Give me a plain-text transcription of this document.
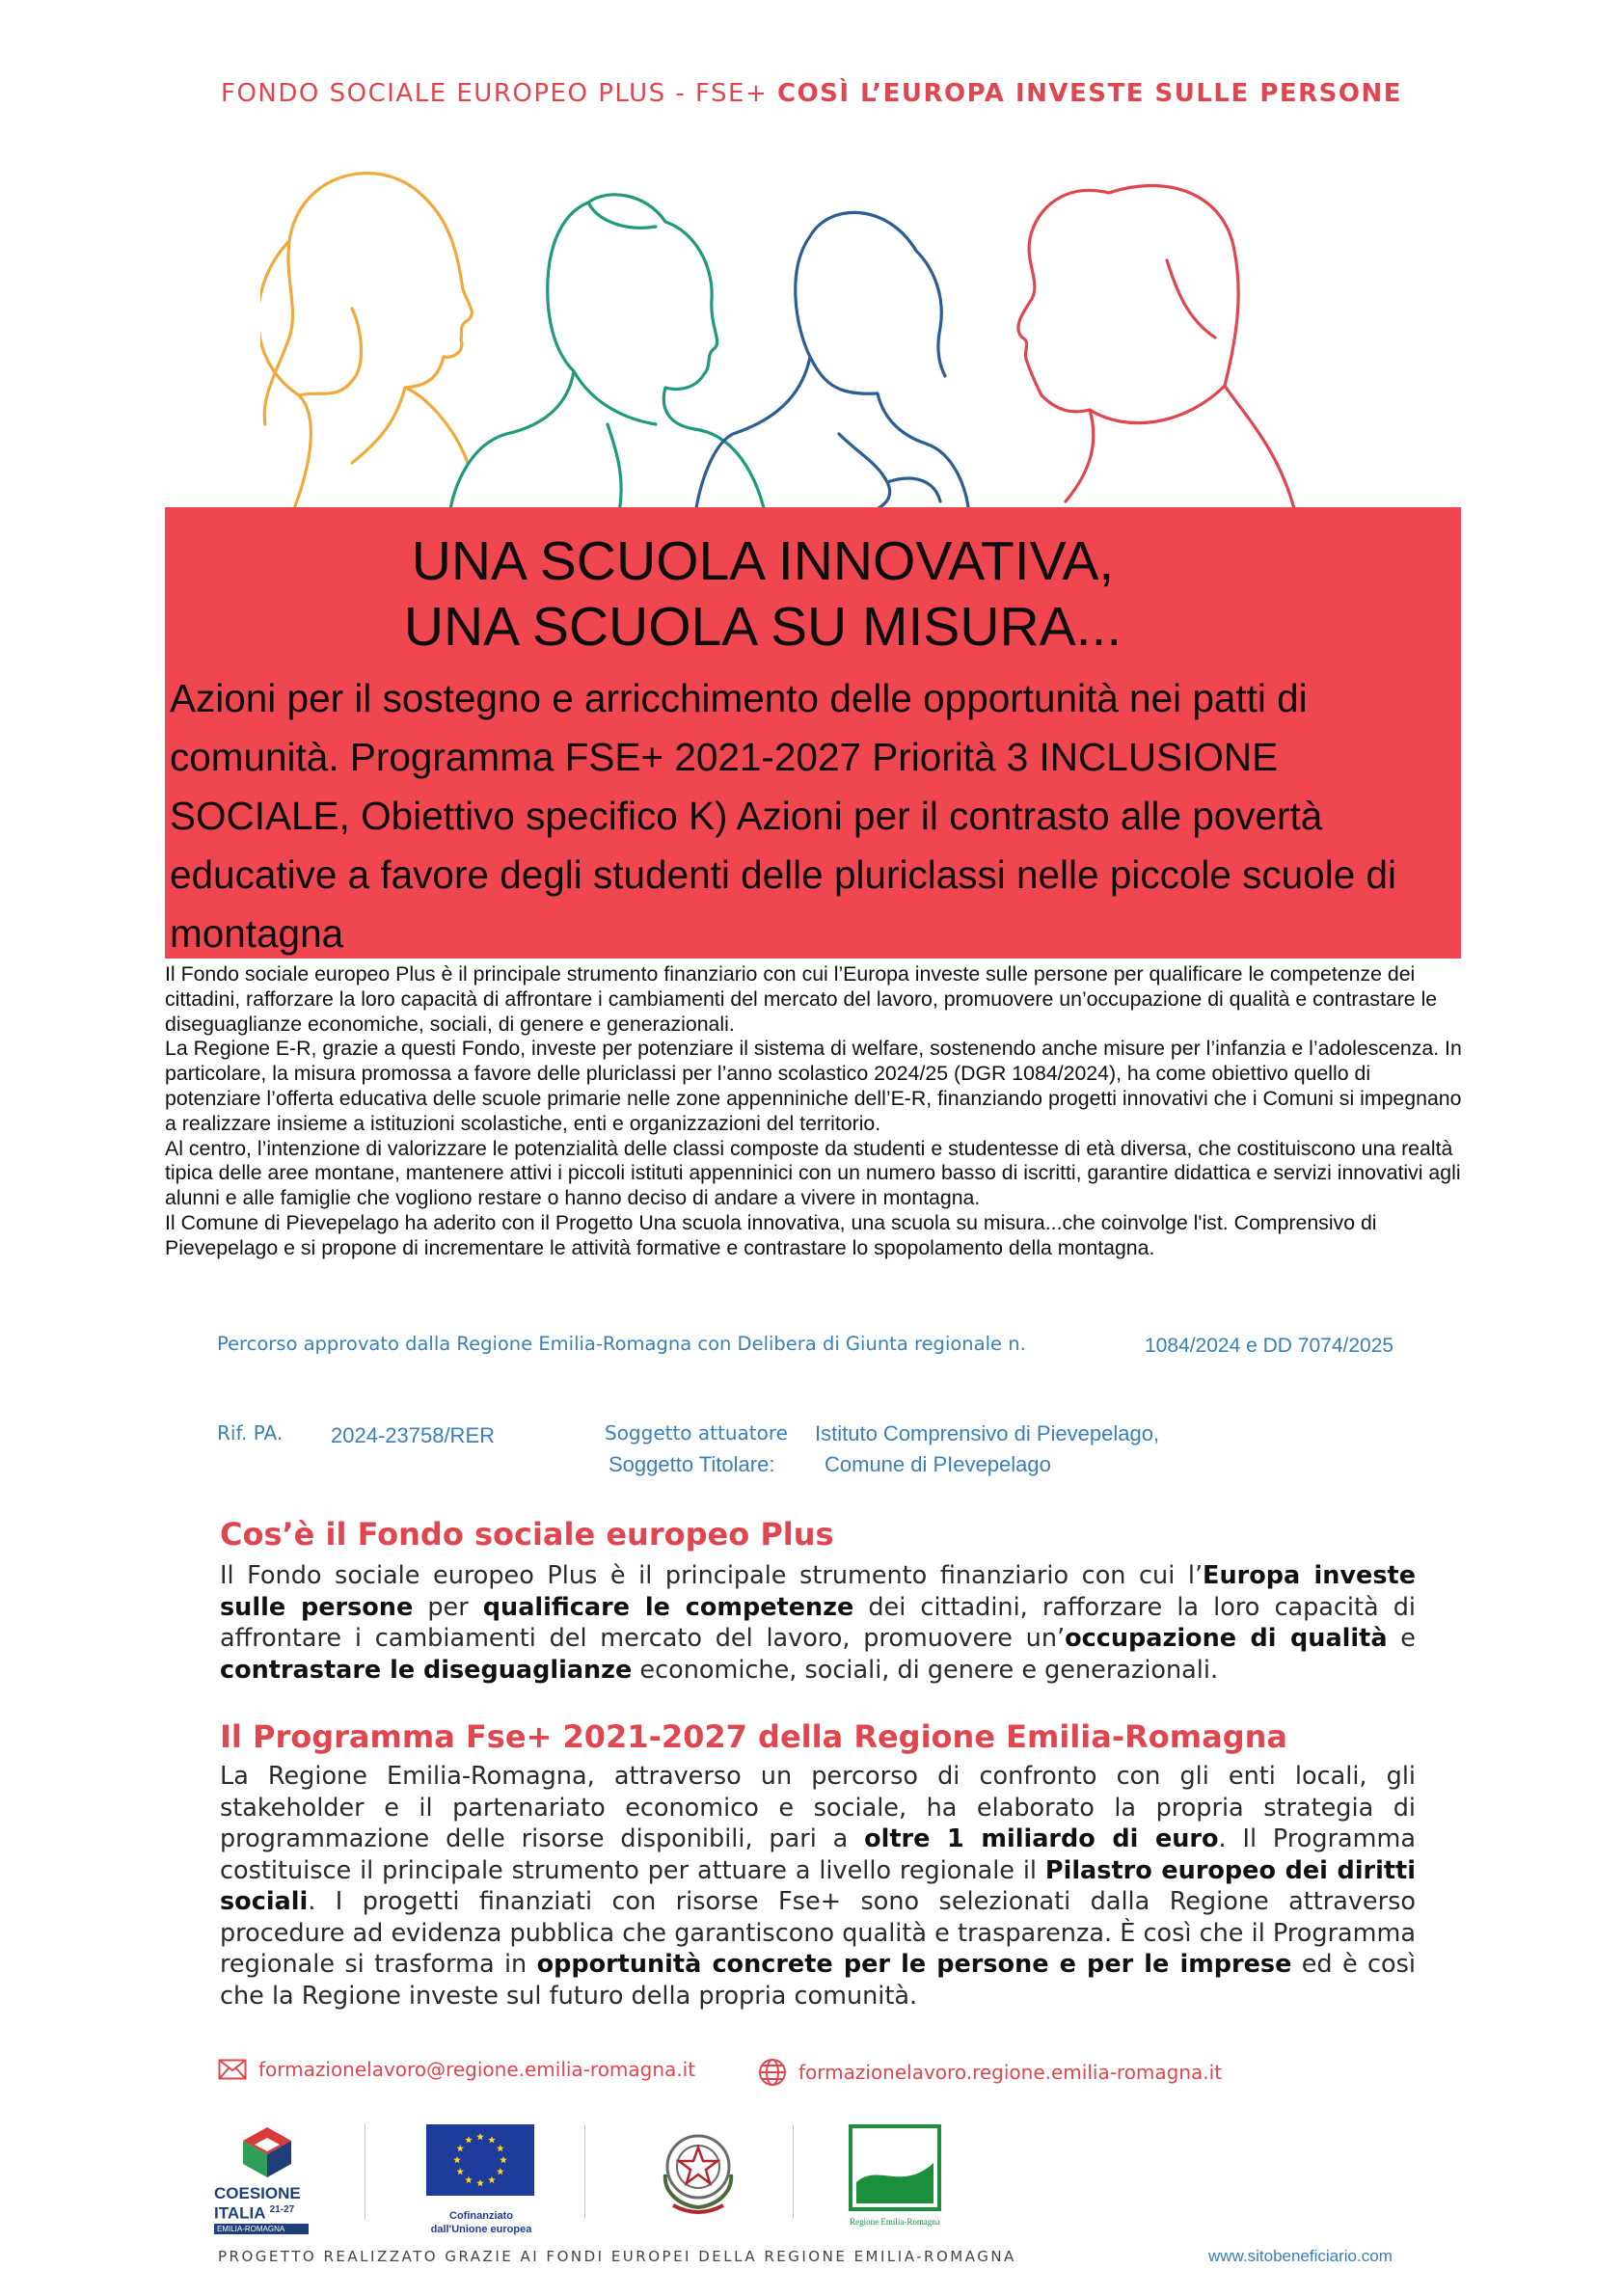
FONDO SOCIALE EUROPEO PLUS - FSE+ COSÌ L’EUROPA INVESTE SULLE PERSONE
UNA SCUOLA INNOVATIVA,
UNA SCUOLA SU MISURA...
Azioni per il sostegno e arricchimento delle opportunità nei patti di comunità. Programma FSE+ 2021-2027 Priorità 3 INCLUSIONE SOCIALE, Obiettivo specifico K) Azioni per il contrasto alle povertà educative a favore degli studenti delle pluriclassi nelle piccole scuole di montagna

Il Fondo sociale europeo Plus è il principale strumento finanziario con cui l’Europa investe sulle persone per qualificare le competenze dei cittadini, rafforzare la loro capacità di affrontare i cambiamenti del mercato del lavoro, promuovere un’occupazione di qualità e contrastare le diseguaglianze economiche, sociali, di genere e generazionali.

La Regione E-R, grazie a questi Fondo, investe per potenziare il sistema di welfare, sostenendo anche misure per l’infanzia e l’adolescenza. In particolare, la misura promossa a favore delle pluriclassi per l’anno scolastico 2024/25 (DGR 1084/2024), ha come obiettivo quello di potenziare l’offerta educativa delle scuole primarie nelle zone appenniniche dell’E-R, finanziando progetti innovativi che i Comuni si impegnano a realizzare insieme a istituzioni scolastiche, enti e organizzazioni del territorio.

Al centro, l’intenzione di valorizzare le potenzialità delle classi composte da studenti e studentesse di età diversa, che costituiscono una realtà tipica delle aree montane, mantenere attivi i piccoli istituti appenninici con un numero basso di iscritti, garantire didattica e servizi innovativi agli alunni e alle famiglie che vogliono restare o hanno deciso di andare a vivere in montagna.

Il Comune di Pievepelago ha aderito con il Progetto Una scuola innovativa, una scuola su misura...che coinvolge l'ist. Comprensivo di Pievepelago e si propone di incrementare le attività formative e contrastare lo spopolamento della montagna.

Percorso approvato dalla Regione Emilia-Romagna con Delibera di Giunta regionale n.	1084/2024 e DD 7074/2025
Rif. PA. 2024-23758/RER	Soggetto attuatore Istituto Comprensivo di Pievepelago,
Soggetto Titolare: Comune di PIevepelago
Cos’è il Fondo sociale europeo Plus
Il Fondo sociale europeo Plus è il principale strumento finanziario con cui l’Europa investe sulle persone per qualificare le competenze dei cittadini, rafforzare la loro capacità di affrontare i cambiamenti del mercato del lavoro, promuovere un’occupazione di qualità e contrastare le diseguaglianze economiche, sociali, di genere e generazionali.
Il Programma Fse+ 2021-2027 della Regione Emilia-Romagna
La Regione Emilia-Romagna, attraverso un percorso di confronto con gli enti locali, gli stakeholder e il partenariato economico e sociale, ha elaborato la propria strategia di programmazione delle risorse disponibili, pari a oltre 1 miliardo di euro. Il Programma costituisce il principale strumento per attuare a livello regionale il Pilastro europeo dei diritti sociali. I progetti finanziati con risorse Fse+ sono selezionati dalla Regione attraverso procedure ad evidenza pubblica che garantiscono qualità e trasparenza. È così che il Programma regionale si trasforma in opportunità concrete per le persone e per le imprese ed è così che la Regione investe sul futuro della propria comunità.
formazionelavoro@regione.emilia-romagna.it	formazionelavoro.regione.emilia-romagna.it
COESIONE
ITALIA $^{21-27}$
EMILIA-ROMAGNA
Cofinanziato
dall'Unione europea
Regione Emilia-Romagna
PROGETTO REALIZZATO GRAZIE AI FONDI EUROPEI DELLA REGIONE EMILIA-ROMAGNA	www.sitobeneficiario.com
